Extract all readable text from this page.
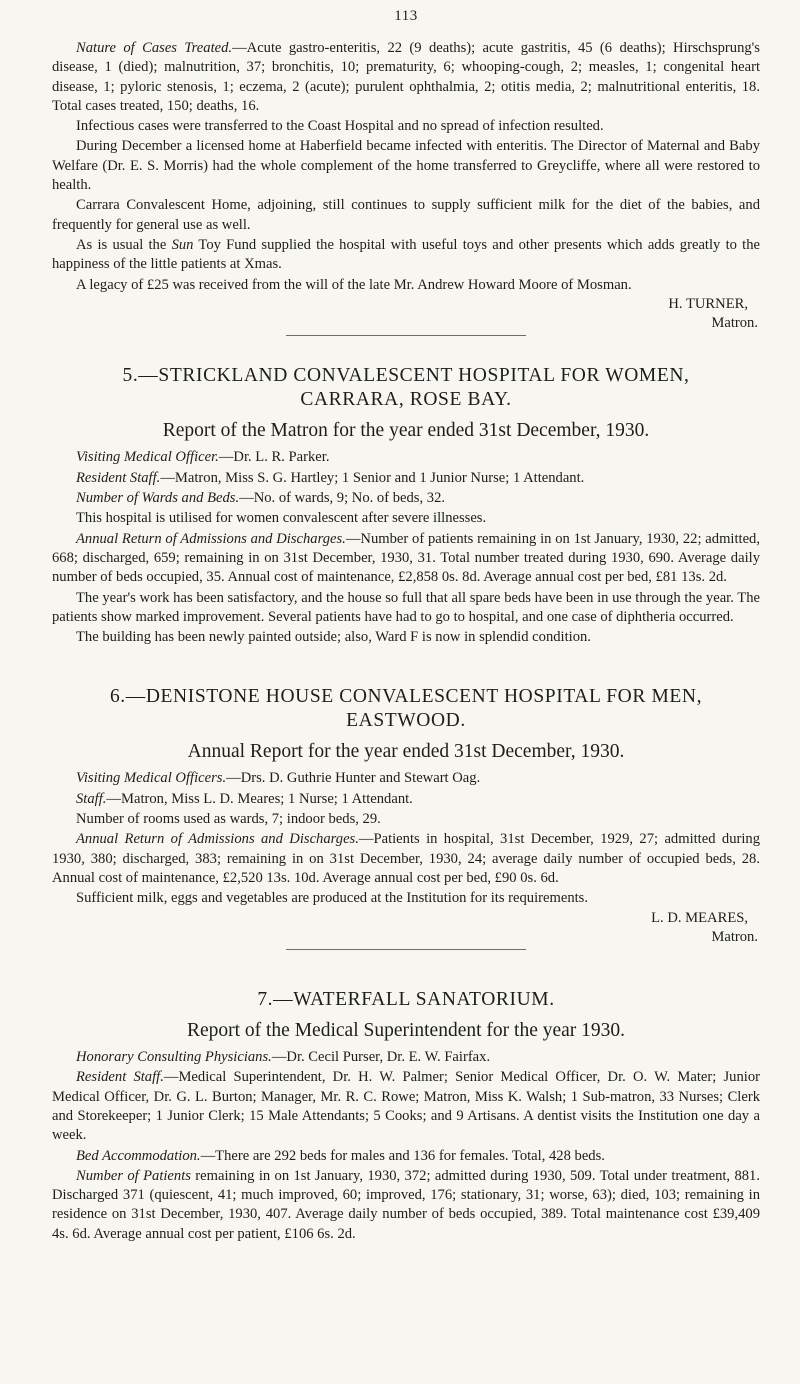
113

Nature of Cases Treated.—Acute gastro-enteritis, 22 (9 deaths); acute gastritis, 45 (6 deaths); Hirschsprung's disease, 1 (died); malnutrition, 37; bronchitis, 10; prematurity, 6; whooping-cough, 2; measles, 1; congenital heart disease, 1; pyloric stenosis, 1; eczema, 2 (acute); purulent ophthalmia, 2; otitis media, 2; malnutritional enteritis, 18. Total cases treated, 150; deaths, 16.

Infectious cases were transferred to the Coast Hospital and no spread of infection resulted.

During December a licensed home at Haberfield became infected with enteritis. The Director of Maternal and Baby Welfare (Dr. E. S. Morris) had the whole complement of the home transferred to Greycliffe, where all were restored to health.

Carrara Convalescent Home, adjoining, still continues to supply sufficient milk for the diet of the babies, and frequently for general use as well.

As is usual the Sun Toy Fund supplied the hospital with useful toys and other presents which adds greatly to the happiness of the little patients at Xmas.

A legacy of £25 was received from the will of the late Mr. Andrew Howard Moore of Mosman.

H. TURNER,
Matron.
5.—STRICKLAND CONVALESCENT HOSPITAL FOR WOMEN,
CARRARA, ROSE BAY.
Report of the Matron for the year ended 31st December, 1930.

Visiting Medical Officer.—Dr. L. R. Parker.

Resident Staff.—Matron, Miss S. G. Hartley; 1 Senior and 1 Junior Nurse; 1 Attendant.

Number of Wards and Beds.—No. of wards, 9; No. of beds, 32.

This hospital is utilised for women convalescent after severe illnesses.

Annual Return of Admissions and Discharges.—Number of patients remaining in on 1st January, 1930, 22; admitted, 668; discharged, 659; remaining in on 31st December, 1930, 31. Total number treated during 1930, 690. Average daily number of beds occupied, 35. Annual cost of maintenance, £2,858 0s. 8d. Average annual cost per bed, £81 13s. 2d.

The year's work has been satisfactory, and the house so full that all spare beds have been in use through the year. The patients show marked improvement. Several patients have had to go to hospital, and one case of diphtheria occurred.

The building has been newly painted outside; also, Ward F is now in splendid condition.

6.—DENISTONE HOUSE CONVALESCENT HOSPITAL FOR MEN,
EASTWOOD.
Annual Report for the year ended 31st December, 1930.

Visiting Medical Officers.—Drs. D. Guthrie Hunter and Stewart Oag.

Staff.—Matron, Miss L. D. Meares; 1 Nurse; 1 Attendant.

Number of rooms used as wards, 7; indoor beds, 29.

Annual Return of Admissions and Discharges.—Patients in hospital, 31st December, 1929, 27; admitted during 1930, 380; discharged, 383; remaining in on 31st December, 1930, 24; average daily number of occupied beds, 28. Annual cost of maintenance, £2,520 13s. 10d. Average annual cost per bed, £90 0s. 6d.

Sufficient milk, eggs and vegetables are produced at the Institution for its requirements.

L. D. MEARES,
Matron.
7.—WATERFALL SANATORIUM.
Report of the Medical Superintendent for the year 1930.

Honorary Consulting Physicians.—Dr. Cecil Purser, Dr. E. W. Fairfax.

Resident Staff.—Medical Superintendent, Dr. H. W. Palmer; Senior Medical Officer, Dr. O. W. Mater; Junior Medical Officer, Dr. G. L. Burton; Manager, Mr. R. C. Rowe; Matron, Miss K. Walsh; 1 Sub-matron, 33 Nurses; Clerk and Storekeeper; 1 Junior Clerk; 15 Male Attendants; 5 Cooks; and 9 Artisans. A dentist visits the Institution one day a week.

Bed Accommodation.—There are 292 beds for males and 136 for females. Total, 428 beds.

Number of Patients remaining in on 1st January, 1930, 372; admitted during 1930, 509. Total under treatment, 881. Discharged 371 (quiescent, 41; much improved, 60; improved, 176; stationary, 31; worse, 63); died, 103; remaining in residence on 31st December, 1930, 407. Average daily number of beds occupied, 389. Total maintenance cost £39,409 4s. 6d. Average annual cost per patient, £106 6s. 2d.
